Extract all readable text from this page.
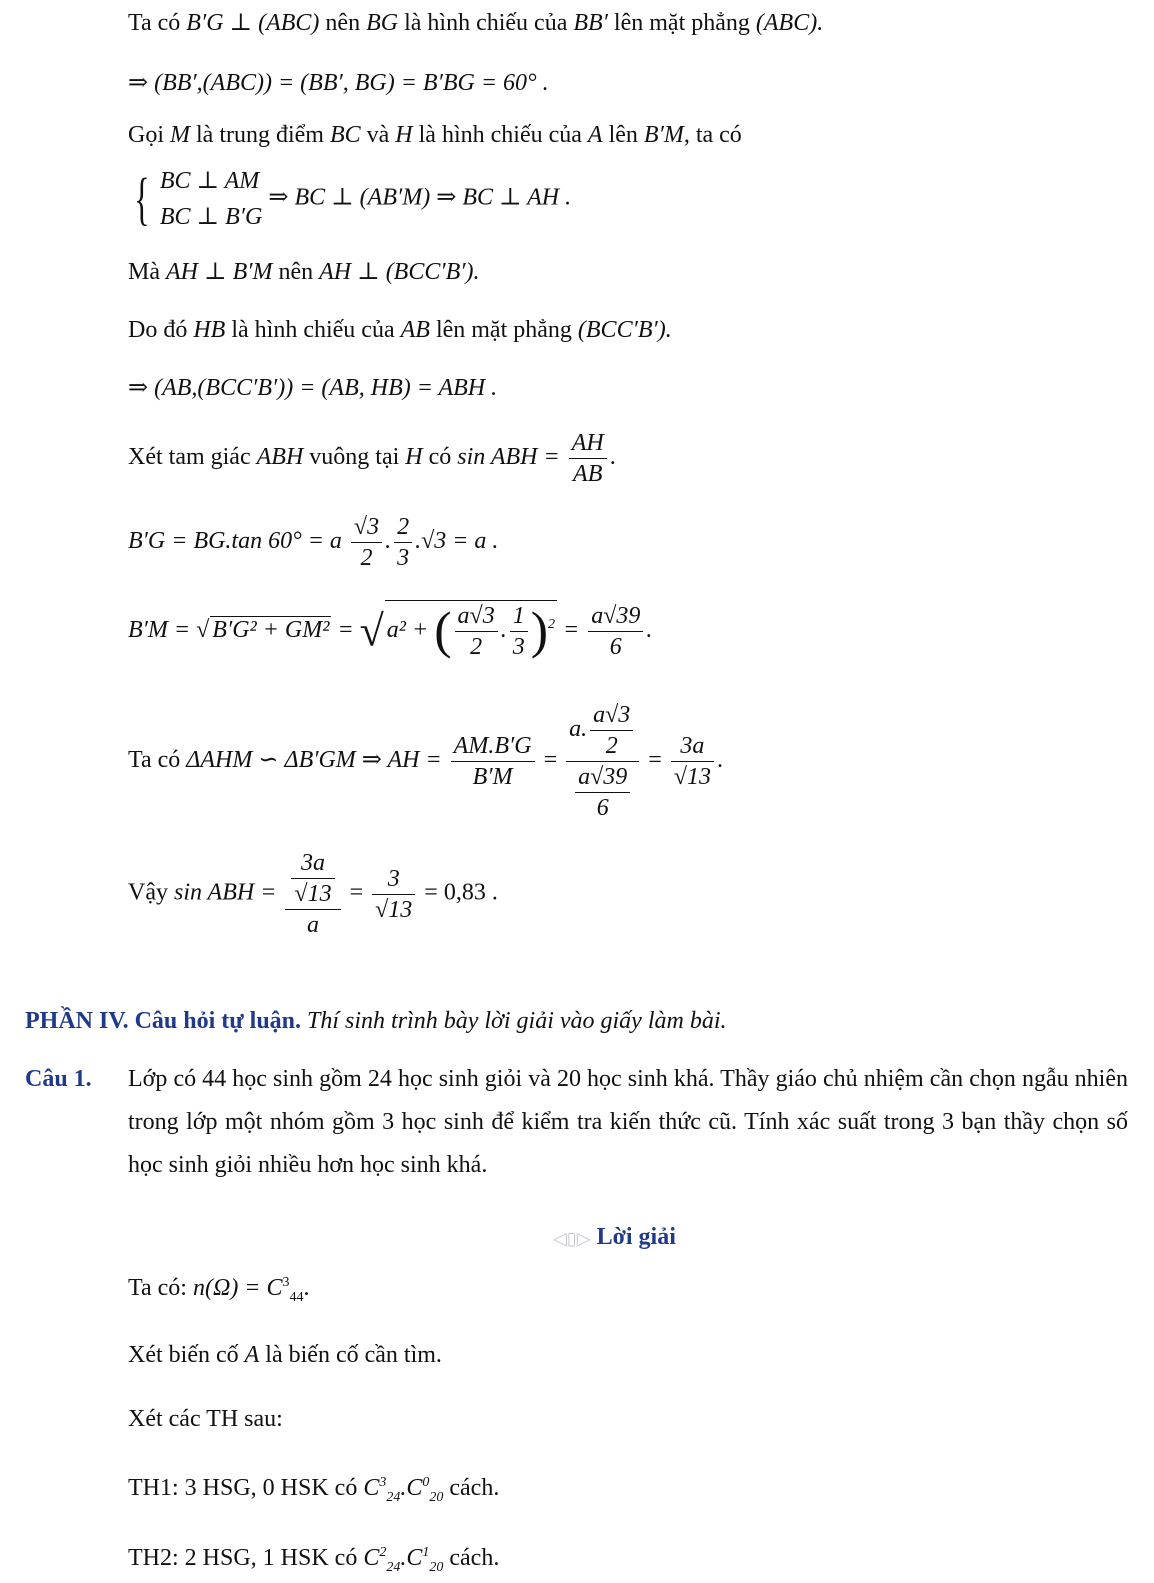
Ta có B′G ⊥ (ABC) nên BG là hình chiếu của BB′ lên mặt phẳng (ABC).
⇒ (BB′,(ABC)) = (BB′, BG) = B′BG = 60° .
Gọi M là trung điểm BC và H là hình chiếu của A lên B′M, ta có
{ BC ⊥ AM
BC ⊥ B′G
⇒ BC ⊥ (AB′M) ⇒ BC ⊥ AH .
Mà AH ⊥ B′M nên AH ⊥ (BCC′B′).
Do đó HB là hình chiếu của AB lên mặt phẳng (BCC′B′).
⇒ (AB,(BCC′B′)) = (AB, HB) = ABH .
Xét tam giác ABH vuông tại H có sin ABH = $\frac{AH}{AB}$ .
B′G = BG.tan 60° = a $\frac{√3}{2}$ . $\frac{2}{3} .√3 = a$ .
B′M = √ B′G² + GM² = √ a² + ( $\frac{a√3}{2}$ . $\frac{1}{3} )^2 = \frac{a√39}{6}$ .
Ta có ΔAHM ∽ ΔB′GM ⇒ AH = $\frac{AM.B'G}{B'M} = \frac{a. \frac{a√3}{2}}{\frac{a√39}{6}} = \frac{3a}{√13}$ .
Vậy sin ABH = $\frac{\frac{3a}{√13}}{a} = \frac{3}{√13} = 0,83$ .
PHẦN IV. Câu hỏi tự luận. Thí sinh trình bày lời giải vào giấy làm bài.
Câu 1. Lớp có 44 học sinh gồm 24 học sinh giỏi và 20 học sinh khá. Thầy giáo chủ nhiệm cần chọn ngẫu nhiên trong lớp một nhóm gồm 3 học sinh để kiểm tra kiến thức cũ. Tính xác suất trong 3 bạn thầy chọn số học sinh giỏi nhiều hơn học sinh khá.
◁▯▷ Lời giải
Ta có: $n(\Omega) = C^3_{44}$.
Xét biến cố A là biến cố cần tìm.
Xét các TH sau:
TH1: 3 HSG, 0 HSK có $C^3_{24}.C^0_{20}$ cách.
TH2: 2 HSG, 1 HSK có $C^2_{24}.C^1_{20}$ cách.
